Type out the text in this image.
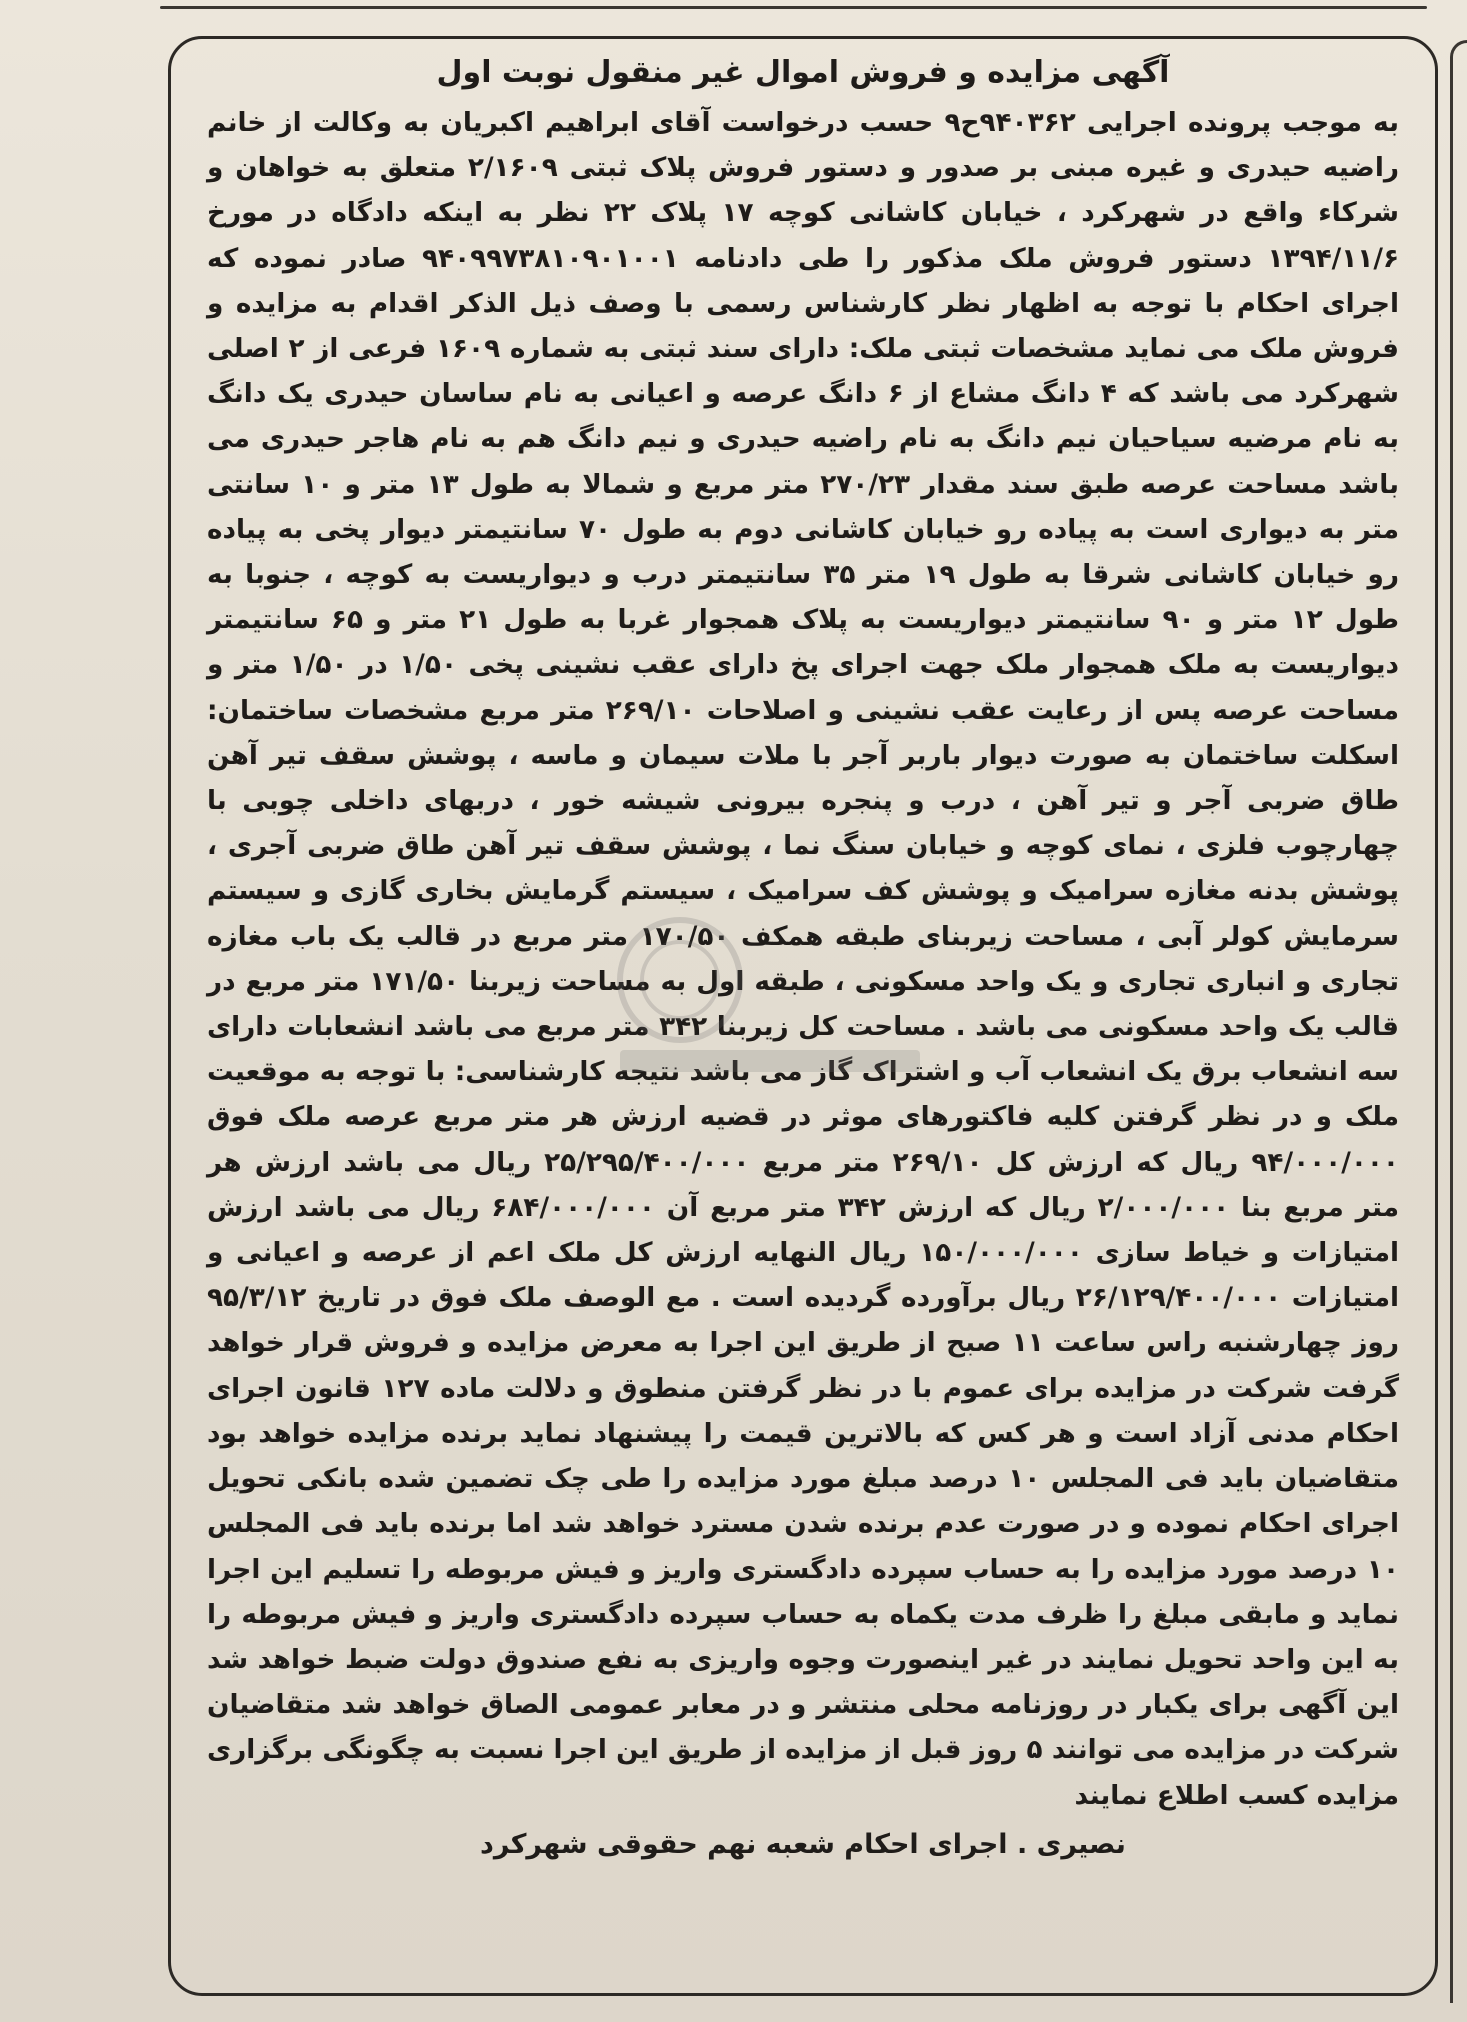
آگهی مزایده و فروش اموال غیر منقول نوبت اول

به موجب پرونده اجرایی ۹۴۰۳۶۲ح۹ حسب درخواست آقای ابراهیم اکبریان به وکالت از خانم راضیه حیدری و غیره مبنی بر صدور و دستور فروش پلاک ثبتی ۲/۱۶۰۹ متعلق به خواهان و شرکاء واقع در شهرکرد ، خیابان کاشانی کوچه ۱۷ پلاک ۲۲ نظر به اینکه دادگاه در مورخ ۱۳۹۴/۱۱/۶ دستور فروش ملک مذکور را طی دادنامه ۹۴۰۹۹۷۳۸۱۰۹۰۱۰۰۱ صادر نموده که اجرای احکام با توجه به اظهار نظر کارشناس رسمی با وصف ذیل الذکر اقدام به مزایده و فروش ملک می نماید مشخصات ثبتی ملک: دارای سند ثبتی به شماره ۱۶۰۹ فرعی از ۲ اصلی شهرکرد می باشد که ۴ دانگ مشاع از ۶ دانگ عرصه و اعیانی به نام ساسان حیدری یک دانگ به نام مرضیه سیاحیان نیم دانگ به نام راضیه حیدری و نیم دانگ هم به نام هاجر حیدری می باشد مساحت عرصه طبق سند مقدار ۲۷۰/۲۳ متر مربع و شمالا به طول ۱۳ متر و ۱۰ سانتی متر به دیواری است به پیاده رو خیابان کاشانی دوم به طول ۷۰ سانتیمتر دیوار پخی به پیاده رو خیابان کاشانی شرقا به طول ۱۹ متر ۳۵ سانتیمتر درب و دیواریست به کوچه ، جنوبا به طول ۱۲ متر و ۹۰ سانتیمتر دیواریست به پلاک همجوار غربا به طول ۲۱ متر و ۶۵ سانتیمتر دیواریست به ملک همجوار ملک جهت اجرای پخ دارای عقب نشینی پخی ۱/۵۰ در ۱/۵۰ متر و مساحت عرصه پس از رعایت عقب نشینی و اصلاحات ۲۶۹/۱۰ متر مربع مشخصات ساختمان: اسکلت ساختمان به صورت دیوار باربر آجر با ملات سیمان و ماسه ، پوشش سقف تیر آهن طاق ضربی آجر و تیر آهن ، درب و پنجره بیرونی شیشه خور ، دربهای داخلی چوبی با چهارچوب فلزی ، نمای کوچه و خیابان سنگ نما ، پوشش سقف تیر آهن طاق ضربی آجری ، پوشش بدنه مغازه سرامیک و پوشش کف سرامیک ، سیستم گرمایش بخاری گازی و سیستم سرمایش کولر آبی ، مساحت زیربنای طبقه همکف ۱۷۰/۵۰ متر مربع در قالب یک باب مغازه تجاری و انباری تجاری و یک واحد مسکونی ، طبقه اول به مساحت زیربنا ۱۷۱/۵۰ متر مربع در قالب یک واحد مسکونی می باشد . مساحت کل زیربنا ۳۴۲ متر مربع می باشد انشعابات دارای سه انشعاب برق یک انشعاب آب و اشتراک گاز می باشد نتیجه کارشناسی: با توجه به موقعیت ملک و در نظر گرفتن کلیه فاکتورهای موثر در قضیه ارزش هر متر مربع عرصه ملک فوق ۹۴/۰۰۰/۰۰۰ ریال که ارزش کل ۲۶۹/۱۰ متر مربع ۲۵/۲۹۵/۴۰۰/۰۰۰ ریال می باشد ارزش هر متر مربع بنا ۲/۰۰۰/۰۰۰ ریال که ارزش ۳۴۲ متر مربع آن ۶۸۴/۰۰۰/۰۰۰ ریال می باشد ارزش امتیازات و خیاط سازی ۱۵۰/۰۰۰/۰۰۰ ریال النهایه ارزش کل ملک اعم از عرصه و اعیانی و امتیازات ۲۶/۱۲۹/۴۰۰/۰۰۰ ریال برآورده گردیده است . مع الوصف ملک فوق در تاریخ ۹۵/۳/۱۲ روز چهارشنبه راس ساعت ۱۱ صبح از طریق این اجرا به معرض مزایده و فروش قرار خواهد گرفت شرکت در مزایده برای عموم با در نظر گرفتن منطوق و دلالت ماده ۱۲۷ قانون اجرای احکام مدنی آزاد است و هر کس که بالاترین قیمت را پیشنهاد نماید برنده مزایده خواهد بود متقاضیان باید فی المجلس ۱۰ درصد مبلغ مورد مزایده را طی چک تضمین شده بانکی تحویل اجرای احکام نموده و در صورت عدم برنده شدن مسترد خواهد شد اما برنده باید فی المجلس ۱۰ درصد مورد مزایده را به حساب سپرده دادگستری واریز و فیش مربوطه را تسلیم این اجرا نماید و مابقی مبلغ را ظرف مدت یکماه به حساب سپرده دادگستری واریز و فیش مربوطه را به این واحد تحویل نمایند در غیر اینصورت وجوه واریزی به نفع صندوق دولت ضبط خواهد شد این آگهی برای یکبار در روزنامه محلی منتشر و در معابر عمومی الصاق خواهد شد متقاضیان شرکت در مزایده می توانند ۵ روز قبل از مزایده از طریق این اجرا نسبت به چگونگی برگزاری مزایده کسب اطلاع نمایند

نصیری . اجرای احکام شعبه نهم حقوقی شهرکرد
